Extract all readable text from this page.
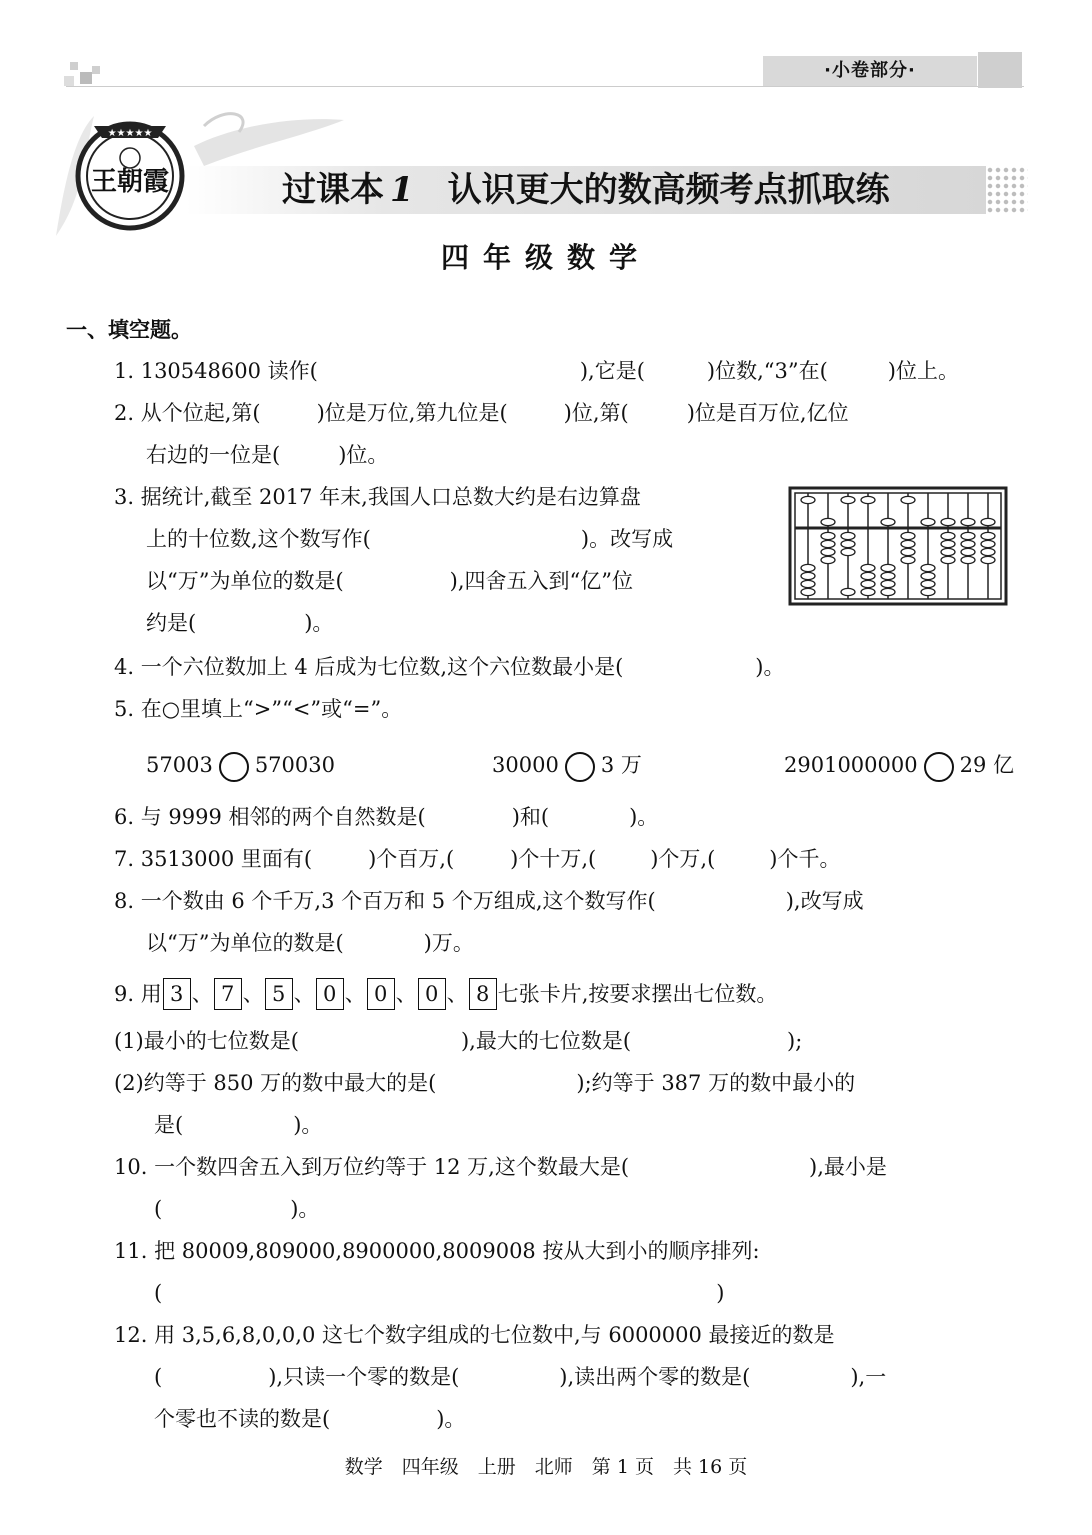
·小卷部分·
★★★★★
王朝霞	过课本 1 认识更大的数高频考点抓取练
四年级数学
一、填空题。
1. 130548600 读作(	),它是(	)位数,“3”在(	)位上。
2. 从个位起,第(	)位是万位,第九位是(	)位,第(	)位是百万位,亿位
右边的一位是(	)位。
3. 据统计,截至 2017 年末,我国人口总数大约是右边算盘
上的十位数,这个数写作(	)。改写成
以“万”为单位的数是(	),四舍五入到“亿”位
约是(	)。
4. 一个六位数加上 4 后成为七位数,这个六位数最小是(	)。
5. 在○里填上“>”“<”或“=”。
57003 570030	30000 3 万	2901000000 29 亿
6. 与 9999 相邻的两个自然数是(	)和(	)。
7. 3513000 里面有(	)个百万,(	)个十万,(	)个万,(	)个千。
8. 一个数由 6 个千万,3 个百万和 5 个万组成,这个数写作(	),改写成
以“万”为单位的数是(	)万。
9. 用 3 、 7 、 5 、 0 、 0 、 0 、 8 七张卡片,按要求摆出七位数。
(1)最小的七位数是(	),最大的七位数是(	);
(2)约等于 850 万的数中最大的是(	);约等于 387 万的数中最小的
是(	)。
10. 一个数四舍五入到万位约等于 12 万,这个数最大是(	),最小是
(	)。
11. 把 80009,809000,8900000,8009008 按从大到小的顺序排列:
(	)
12. 用 3,5,6,8,0,0,0 这七个数字组成的七位数中,与 6000000 最接近的数是
(	),只读一个零的数是(	),读出两个零的数是(	),一
个零也不读的数是(	)。
数学　四年级　上册　北师　第 1 页　共 16 页
